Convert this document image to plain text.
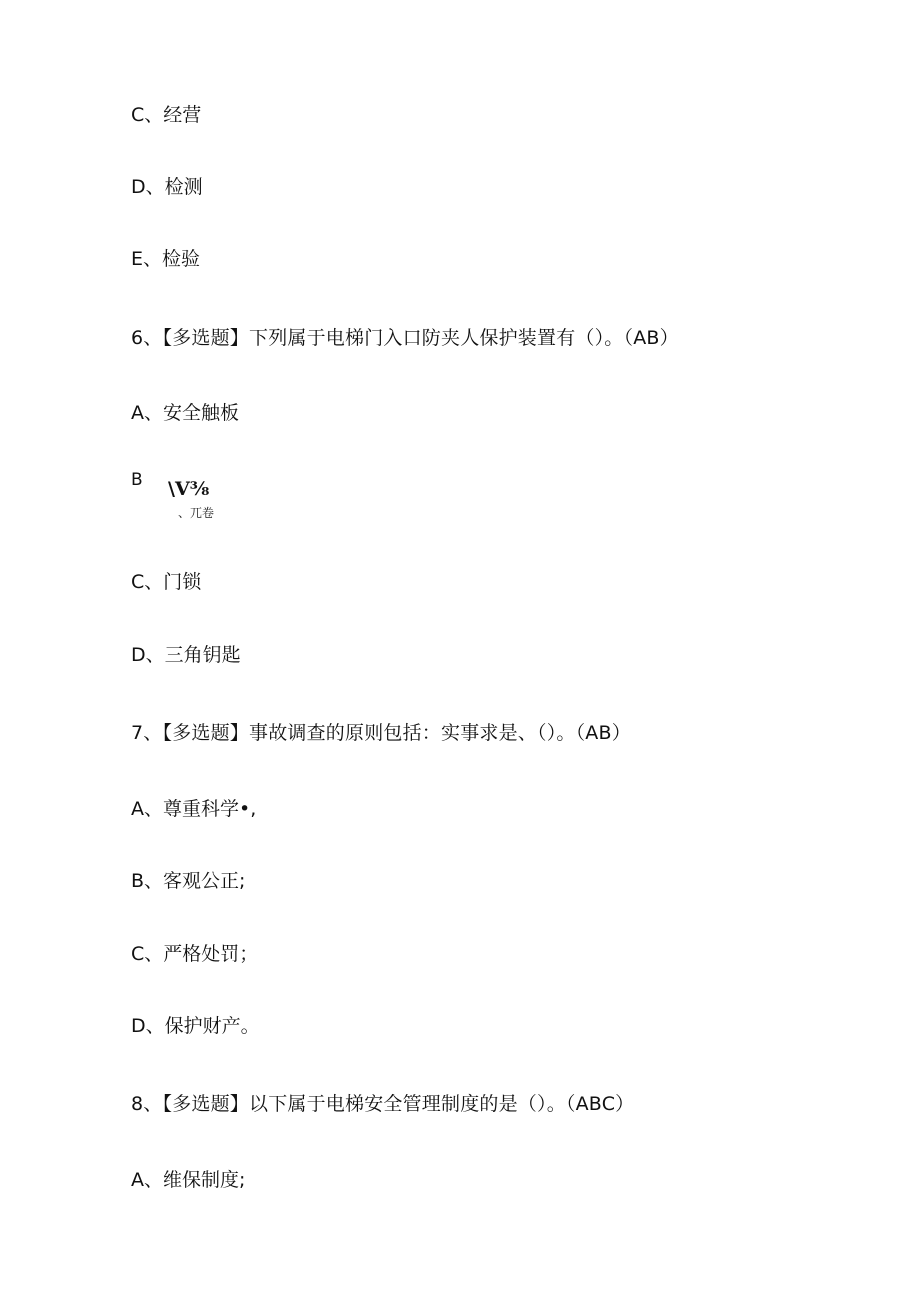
C、经营
D、检测
E、检验
6、【多选题】下列属于电梯门入口防夹人保护装置有（）。（AB）
A、安全触板
B \V⅜
、兀卷
C、门锁
D、三角钥匙
7、【多选题】事故调查的原则包括：实事求是、（）。（AB）
A、尊重科学•,
B、客观公正;
C、严格处罚；
D、保护财产。
8、【多选题】以下属于电梯安全管理制度的是（）。（ABC）
A、维保制度;
